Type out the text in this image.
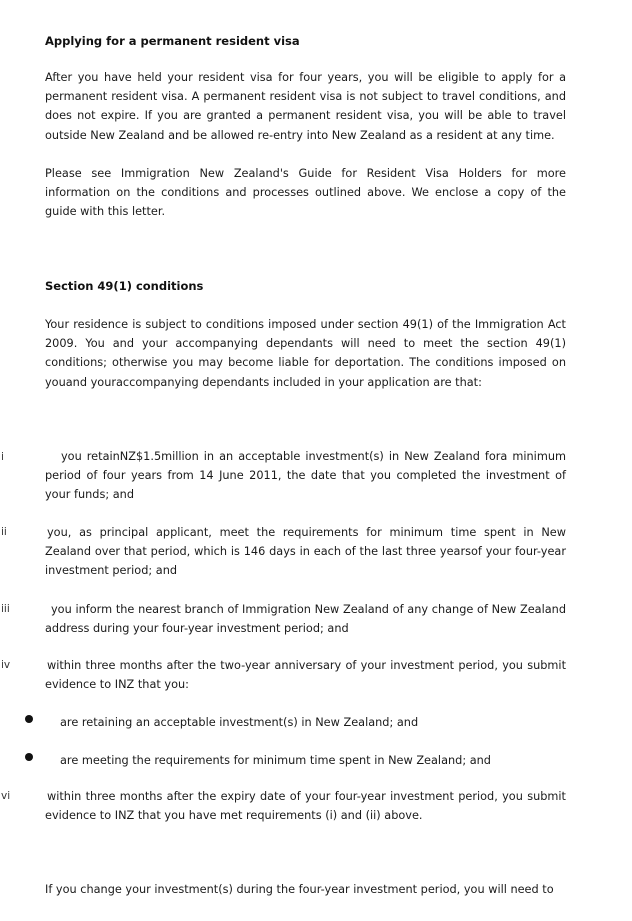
Applying for a permanent resident visa

After you have held your resident visa for four years, you will be eligible to apply for a permanent resident visa. A permanent resident visa is not subject to travel conditions, and does not expire. If you are granted a permanent resident visa, you will be able to travel outside New Zealand and be allowed re-entry into New Zealand as a resident at any time.

Please see Immigration New Zealand's Guide for Resident Visa Holders for more information on the conditions and processes outlined above. We enclose a copy of the guide with this letter.

Section 49(1) conditions

Your residence is subject to conditions imposed under section 49(1) of the Immigration Act 2009. You and your accompanying dependants will need to meet the section 49(1) conditions; otherwise you may become liable for deportation. The conditions imposed on youand youraccompanying dependants included in your application are that:

i	you retainNZ$1.5million in an acceptable investment(s) in New Zealand fora minimum period of four years from 14 June 2011, the date that you completed the investment of your funds; and

ii	you, as principal applicant, meet the requirements for minimum time spent in New Zealand over that period, which is 146 days in each of the last three yearsof your four-year investment period; and

iii	you inform the nearest branch of Immigration New Zealand of any change of New Zealand address during your four-year investment period; and

iv	within three months after the two-year anniversary of your investment period, you submit evidence to INZ that you:

are retaining an acceptable investment(s) in New Zealand; and

are meeting the requirements for minimum time spent in New Zealand; and

vi	within three months after the expiry date of your four-year investment period, you submit evidence to INZ that you have met requirements (i) and (ii) above.

If you change your investment(s) during the four-year investment period, you will need to
